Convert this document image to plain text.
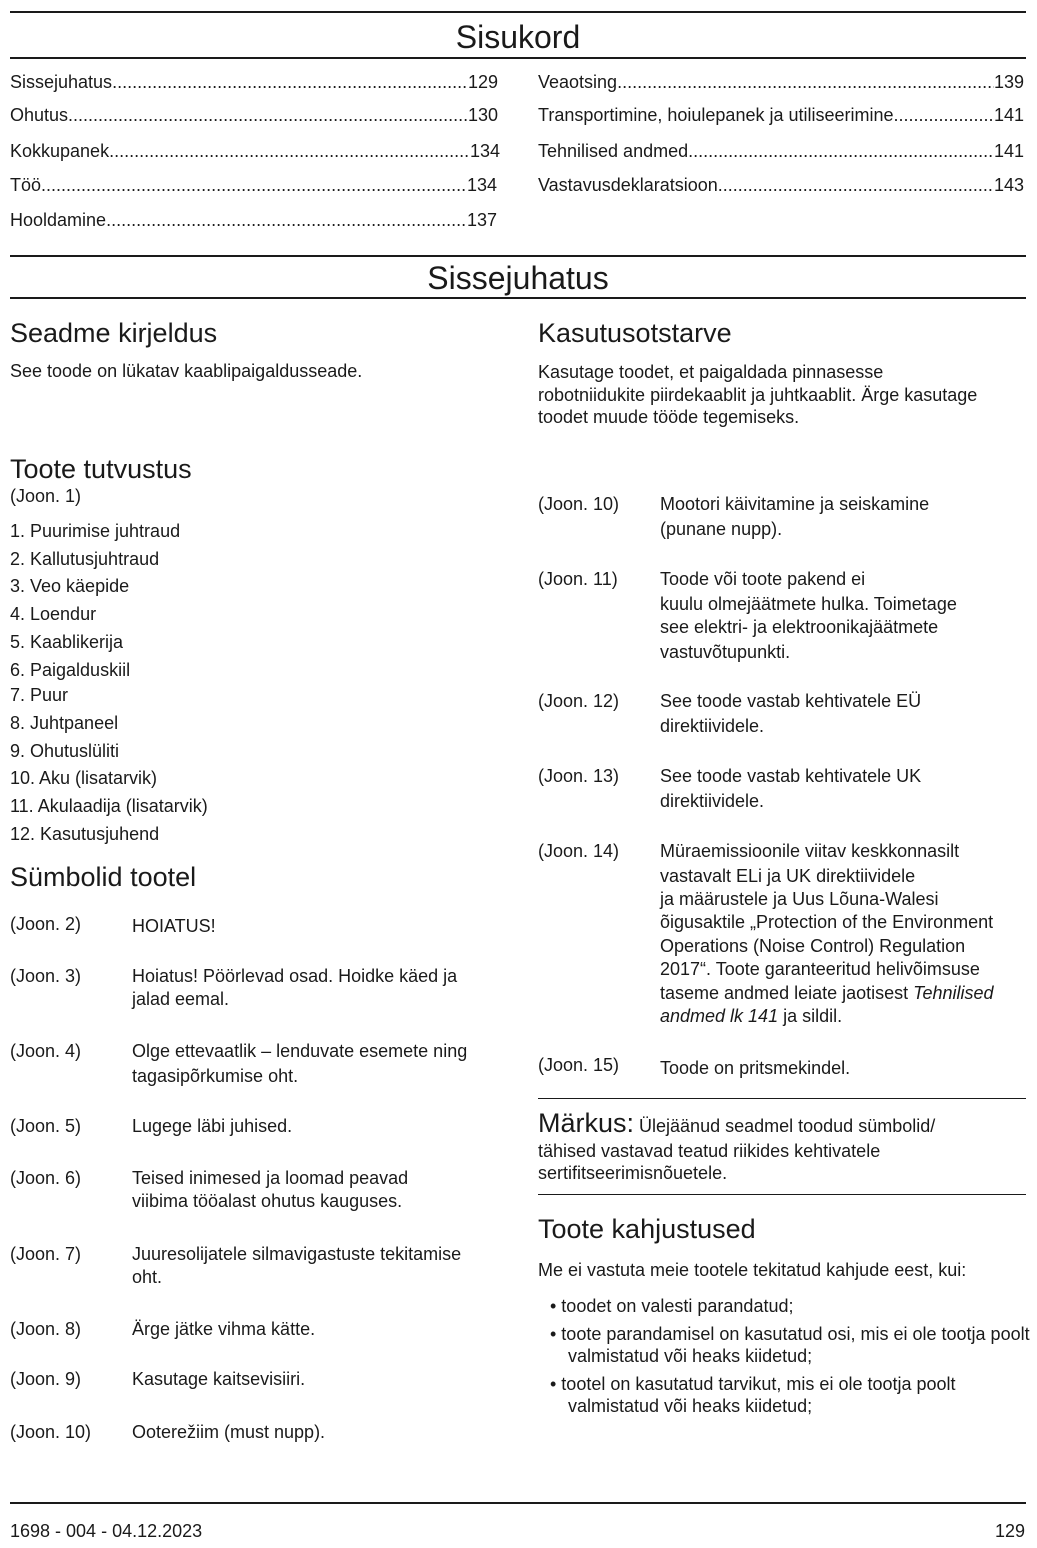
Sisukord
Sissejuhatus .....	129
Ohutus .....	130
Kokkupanek .....	134
Töö .....	134
Hooldamine .....	137
Veaotsing .....	139
Transportimine, hoiulepanek ja utiliseerimine .....	141
Tehnilised andmed .....	141
Vastavusdeklaratsioon .....	143
Sissejuhatus
Seadme kirjeldus
See toode on lükatav kaablipaigaldusseade.
Kasutusotstarve
Kasutage toodet, et paigaldada pinnasesse
robotniidukite piirdekaablit ja juhtkaablit. Ärge kasutage
toodet muude tööde tegemiseks.
Toote tutvustus
(Joon. 1)
1. Puurimise juhtraud
2. Kallutusjuhtraud
3. Veo käepide
4. Loendur
5. Kaablikerija
6. Paigalduskiil
7. Puur
8. Juhtpaneel
9. Ohutuslüliti
10. Aku (lisatarvik)
11. Akulaadija (lisatarvik)
12. Kasutusjuhend
Sümbolid tootel
(Joon. 2)	HOIATUS!
(Joon. 3)	Hoiatus! Pöörlevad osad. Hoidke käed ja
jalad eemal.
(Joon. 4)	Olge ettevaatlik – lenduvate esemete ning
tagasipõrkumise oht.
(Joon. 5)	Lugege läbi juhised.
(Joon. 6)	Teised inimesed ja loomad peavad
viibima tööalast ohutus kauguses.
(Joon. 7)	Juuresolijatele silmavigastuste tekitamise
oht.
(Joon. 8)	Ärge jätke vihma kätte.
(Joon. 9)	Kasutage kaitsevisiiri.
(Joon. 10) Ooterežiim (must nupp).
(Joon. 10) Mootori käivitamine ja seiskamine
(punane nupp).
(Joon. 11) Toode või toote pakend ei
kuulu olmejäätmete hulka. Toimetage
see elektri- ja elektroonikajäätmete
vastuvõtupunkti.
(Joon. 12) See toode vastab kehtivatele EÜ
direktiividele.
(Joon. 13) See toode vastab kehtivatele UK
direktiividele.
(Joon. 14) Müraemissioonile viitav keskkonnasilt
vastavalt ELi ja UK direktiividele
ja määrustele ja Uus Lõuna-Walesi
õigusaktile „Protection of the Environment
Operations (Noise Control) Regulation
2017“. Toote garanteeritud helivõimsuse
taseme andmed leiate jaotisest Tehnilised
andmed lk 141 ja sildil.
(Joon. 15) Toode on pritsmekindel.
Märkus: Ülejäänud seadmel toodud sümbolid/
tähised vastavad teatud riikides kehtivatele
sertifitseerimisnõuetele.
Toote kahjustused
Me ei vastuta meie tootele tekitatud kahjude eest, kui:
• toodet on valesti parandatud;
• toote parandamisel on kasutatud osi, mis ei ole tootja poolt valmistatud või heaks kiidetud;
• tootel on kasutatud tarvikut, mis ei ole tootja poolt valmistatud või heaks kiidetud;
1698 - 004 - 04.12.2023	129
